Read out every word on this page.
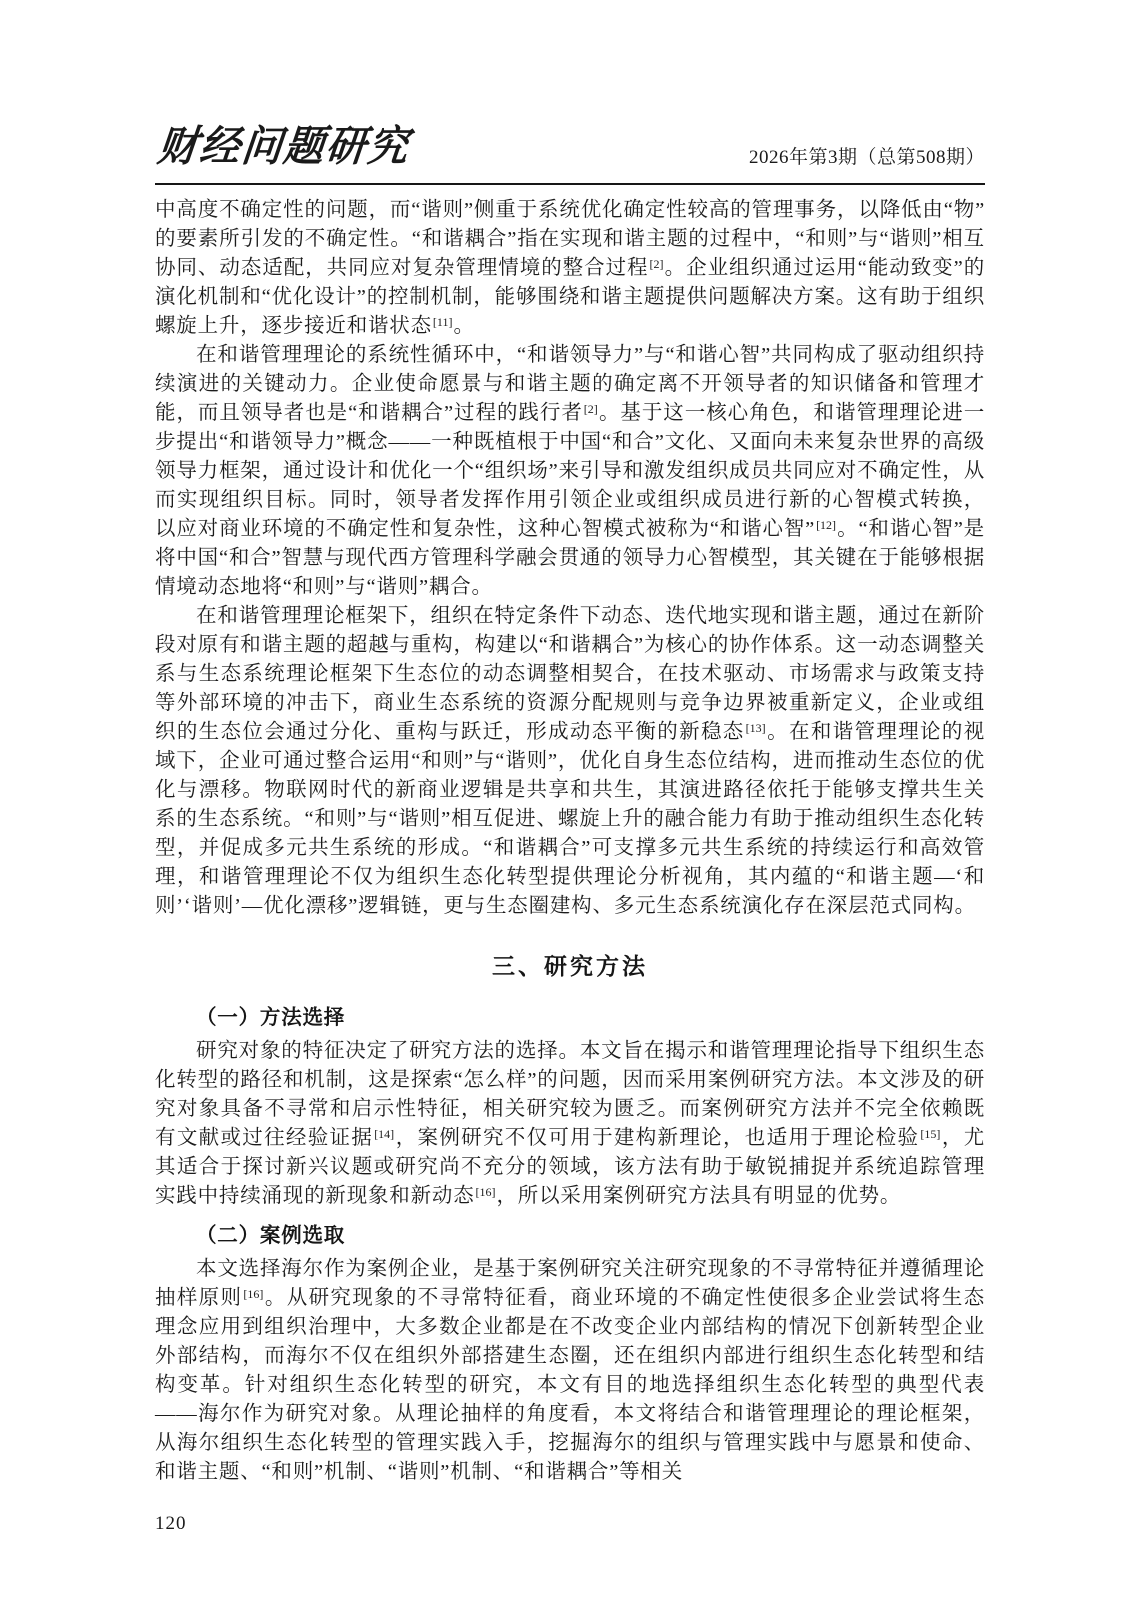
财经问题研究	2026年第3期（总第508期）

中高度不确定性的问题，而“谐则”侧重于系统优化确定性较高的管理事务，以降低由“物”的要素所引发的不确定性。“和谐耦合”指在实现和谐主题的过程中，“和则”与“谐则”相互协同、动态适配，共同应对复杂管理情境的整合过程[2]。企业组织通过运用“能动致变”的演化机制和“优化设计”的控制机制，能够围绕和谐主题提供问题解决方案。这有助于组织螺旋上升，逐步接近和谐状态[11]。

在和谐管理理论的系统性循环中，“和谐领导力”与“和谐心智”共同构成了驱动组织持续演进的关键动力。企业使命愿景与和谐主题的确定离不开领导者的知识储备和管理才能，而且领导者也是“和谐耦合”过程的践行者[2]。基于这一核心角色，和谐管理理论进一步提出“和谐领导力”概念——一种既植根于中国“和合”文化、又面向未来复杂世界的高级领导力框架，通过设计和优化一个“组织场”来引导和激发组织成员共同应对不确定性，从而实现组织目标。同时，领导者发挥作用引领企业或组织成员进行新的心智模式转换，以应对商业环境的不确定性和复杂性，这种心智模式被称为“和谐心智”[12]。“和谐心智”是将中国“和合”智慧与现代西方管理科学融会贯通的领导力心智模型，其关键在于能够根据情境动态地将“和则”与“谐则”耦合。

在和谐管理理论框架下，组织在特定条件下动态、迭代地实现和谐主题，通过在新阶段对原有和谐主题的超越与重构，构建以“和谐耦合”为核心的协作体系。这一动态调整关系与生态系统理论框架下生态位的动态调整相契合，在技术驱动、市场需求与政策支持等外部环境的冲击下，商业生态系统的资源分配规则与竞争边界被重新定义，企业或组织的生态位会通过分化、重构与跃迁，形成动态平衡的新稳态[13]。在和谐管理理论的视域下，企业可通过整合运用“和则”与“谐则”，优化自身生态位结构，进而推动生态位的优化与漂移。物联网时代的新商业逻辑是共享和共生，其演进路径依托于能够支撑共生关系的生态系统。“和则”与“谐则”相互促进、螺旋上升的融合能力有助于推动组织生态化转型，并促成多元共生系统的形成。“和谐耦合”可支撑多元共生系统的持续运行和高效管理，和谐管理理论不仅为组织生态化转型提供理论分析视角，其内蕴的“和谐主题—‘和则’‘谐则’—优化漂移”逻辑链，更与生态圈建构、多元生态系统演化存在深层范式同构。

三、研究方法
（一）方法选择

研究对象的特征决定了研究方法的选择。本文旨在揭示和谐管理理论指导下组织生态化转型的路径和机制，这是探索“怎么样”的问题，因而采用案例研究方法。本文涉及的研究对象具备不寻常和启示性特征，相关研究较为匮乏。而案例研究方法并不完全依赖既有文献或过往经验证据[14]，案例研究不仅可用于建构新理论，也适用于理论检验[15]，尤其适合于探讨新兴议题或研究尚不充分的领域，该方法有助于敏锐捕捉并系统追踪管理实践中持续涌现的新现象和新动态[16]，所以采用案例研究方法具有明显的优势。

（二）案例选取

本文选择海尔作为案例企业，是基于案例研究关注研究现象的不寻常特征并遵循理论抽样原则[16]。从研究现象的不寻常特征看，商业环境的不确定性使很多企业尝试将生态理念应用到组织治理中，大多数企业都是在不改变企业内部结构的情况下创新转型企业外部结构，而海尔不仅在组织外部搭建生态圈，还在组织内部进行组织生态化转型和结构变革。针对组织生态化转型的研究，本文有目的地选择组织生态化转型的典型代表——海尔作为研究对象。从理论抽样的角度看，本文将结合和谐管理理论的理论框架，从海尔组织生态化转型的管理实践入手，挖掘海尔的组织与管理实践中与愿景和使命、和谐主题、“和则”机制、“谐则”机制、“和谐耦合”等相关

120
